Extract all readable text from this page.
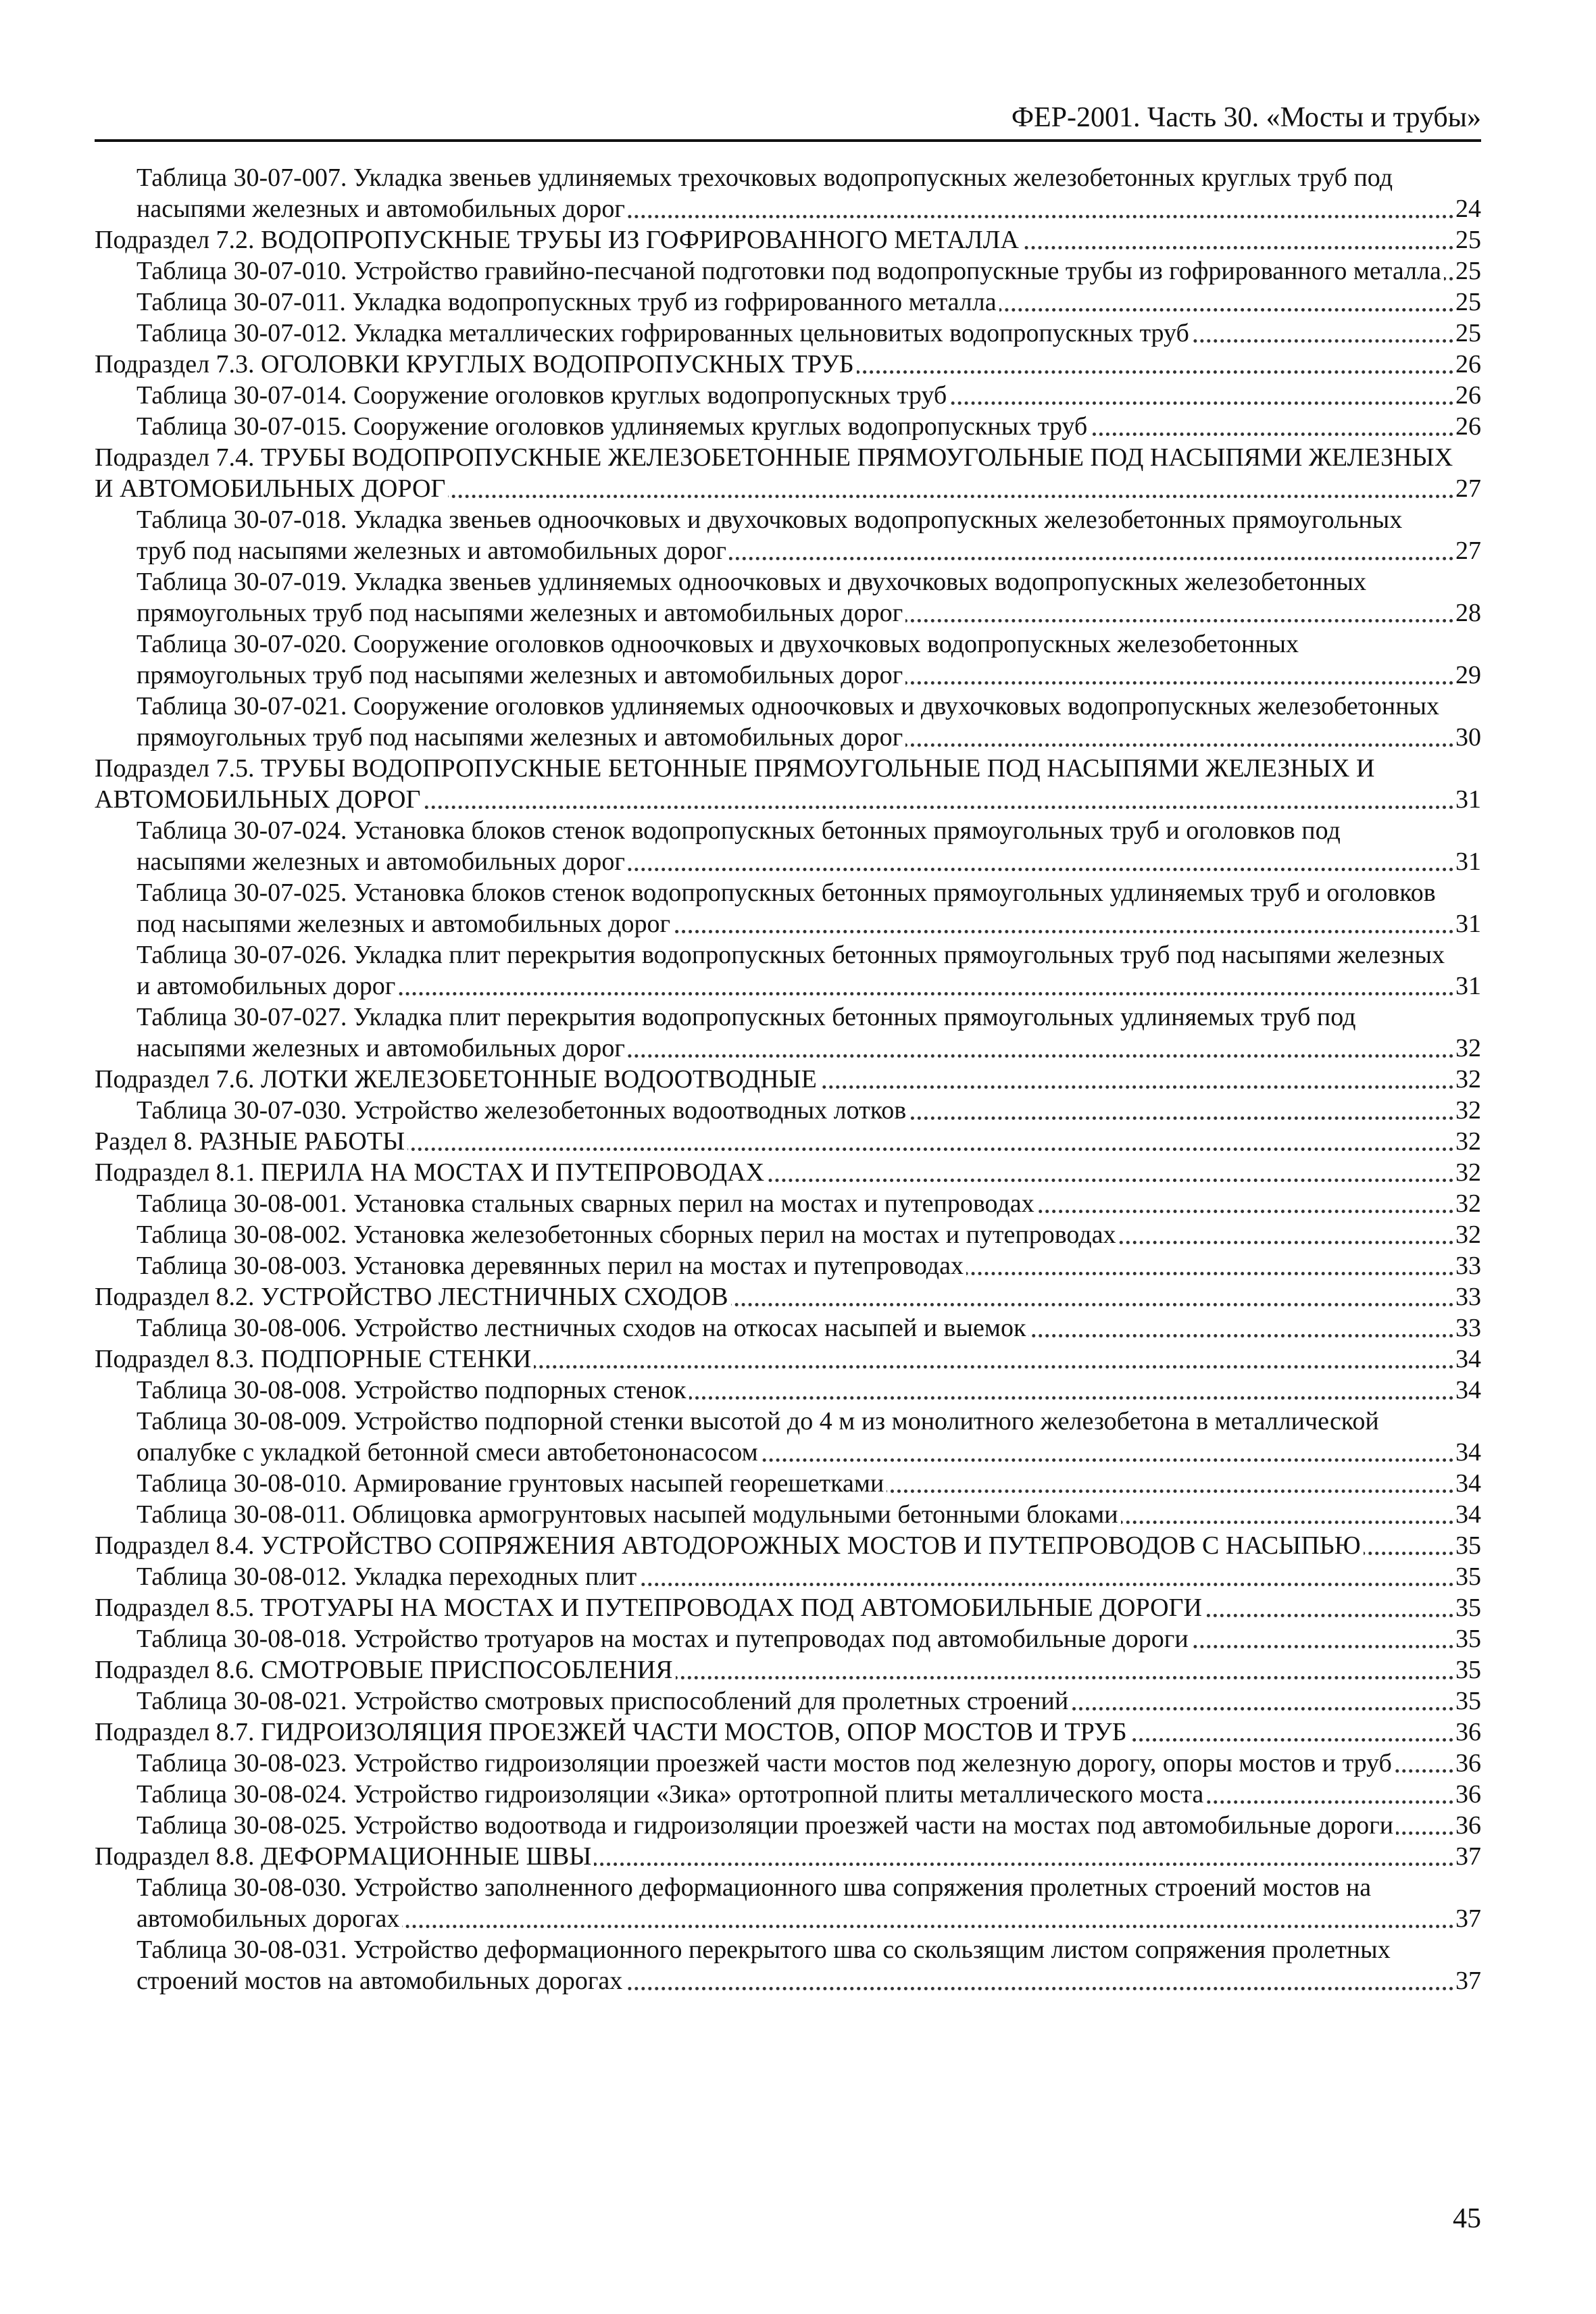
ФЕР-2001. Часть 30. «Мосты и трубы»
Таблица 30-07-007. Укладка звеньев удлиняемых трехочковых водопропускных железобетонных круглых труб под насыпями железных и автомобильных дорог	24
Подраздел 7.2. ВОДОПРОПУСКНЫЕ ТРУБЫ ИЗ ГОФРИРОВАННОГО МЕТАЛЛА	25
Таблица 30-07-010. Устройство гравийно-песчаной подготовки под водопропускные трубы из гофрированного металла 25
Таблица 30-07-011. Укладка водопропускных труб из гофрированного металла	25
Таблица 30-07-012. Укладка металлических гофрированных цельновитых водопропускных труб	25
Подраздел 7.3. ОГОЛОВКИ КРУГЛЫХ ВОДОПРОПУСКНЫХ ТРУБ	26
Таблица 30-07-014. Сооружение оголовков круглых водопропускных труб	26
Таблица 30-07-015. Сооружение оголовков удлиняемых круглых водопропускных труб	26
Подраздел 7.4. ТРУБЫ ВОДОПРОПУСКНЫЕ ЖЕЛЕЗОБЕТОННЫЕ ПРЯМОУГОЛЬНЫЕ ПОД НАСЫПЯМИ ЖЕЛЕЗНЫХ И АВТОМОБИЛЬНЫХ ДОРОГ	27
Таблица 30-07-018. Укладка звеньев одноочковых и двухочковых водопропускных железобетонных прямоугольных труб под насыпями железных и автомобильных дорог	27
Таблица 30-07-019. Укладка звеньев удлиняемых одноочковых и двухочковых водопропускных железобетонных прямоугольных труб под насыпями железных и автомобильных дорог	28
Таблица 30-07-020. Сооружение оголовков одноочковых и двухочковых водопропускных железобетонных прямоугольных труб под насыпями железных и автомобильных дорог	29
Таблица 30-07-021. Сооружение оголовков удлиняемых одноочковых и двухочковых водопропускных железобетонных прямоугольных труб под насыпями железных и автомобильных дорог	30
Подраздел 7.5. ТРУБЫ ВОДОПРОПУСКНЫЕ БЕТОННЫЕ ПРЯМОУГОЛЬНЫЕ ПОД НАСЫПЯМИ ЖЕЛЕЗНЫХ И АВТОМОБИЛЬНЫХ ДОРОГ	31
Таблица 30-07-024. Установка блоков стенок водопропускных бетонных прямоугольных труб и оголовков под насыпями железных и автомобильных дорог	31
Таблица 30-07-025. Установка блоков стенок водопропускных бетонных прямоугольных удлиняемых труб и оголовков под насыпями железных и автомобильных дорог	31
Таблица 30-07-026. Укладка плит перекрытия водопропускных бетонных прямоугольных труб под насыпями железных и автомобильных дорог	31
Таблица 30-07-027. Укладка плит перекрытия водопропускных бетонных прямоугольных удлиняемых труб под насыпями железных и автомобильных дорог	32
Подраздел 7.6. ЛОТКИ ЖЕЛЕЗОБЕТОННЫЕ ВОДООТВОДНЫЕ	32
Таблица 30-07-030. Устройство железобетонных водоотводных лотков	32
Раздел 8. РАЗНЫЕ РАБОТЫ	32
Подраздел 8.1. ПЕРИЛА НА МОСТАХ И ПУТЕПРОВОДАХ	32
Таблица 30-08-001. Установка стальных сварных перил на мостах и путепроводах	32
Таблица 30-08-002. Установка железобетонных сборных перил на мостах и путепроводах	32
Таблица 30-08-003. Установка деревянных перил на мостах и путепроводах	33
Подраздел 8.2. УСТРОЙСТВО ЛЕСТНИЧНЫХ СХОДОВ	33
Таблица 30-08-006. Устройство лестничных сходов на откосах насыпей и выемок	33
Подраздел 8.3. ПОДПОРНЫЕ СТЕНКИ	34
Таблица 30-08-008. Устройство подпорных стенок	34
Таблица 30-08-009. Устройство подпорной стенки высотой до 4 м из монолитного железобетона в металлической опалубке с укладкой бетонной смеси автобетононасосом	34
Таблица 30-08-010. Армирование грунтовых насыпей георешетками	34
Таблица 30-08-011. Облицовка армогрунтовых насыпей модульными бетонными блоками	34
Подраздел 8.4. УСТРОЙСТВО СОПРЯЖЕНИЯ АВТОДОРОЖНЫХ МОСТОВ И ПУТЕПРОВОДОВ С НАСЫПЬЮ	35
Таблица 30-08-012. Укладка переходных плит	35
Подраздел 8.5. ТРОТУАРЫ НА МОСТАХ И ПУТЕПРОВОДАХ ПОД АВТОМОБИЛЬНЫЕ ДОРОГИ	35
Таблица 30-08-018. Устройство тротуаров на мостах и путепроводах под автомобильные дороги	35
Подраздел 8.6. СМОТРОВЫЕ ПРИСПОСОБЛЕНИЯ	35
Таблица 30-08-021. Устройство смотровых приспособлений для пролетных строений	35
Подраздел 8.7. ГИДРОИЗОЛЯЦИЯ ПРОЕЗЖЕЙ ЧАСТИ МОСТОВ, ОПОР МОСТОВ И ТРУБ	36
Таблица 30-08-023. Устройство гидроизоляции проезжей части мостов под железную дорогу, опоры мостов и труб	36
Таблица 30-08-024. Устройство гидроизоляции «Зика» ортотропной плиты металлического моста	36
Таблица 30-08-025. Устройство водоотвода и гидроизоляции проезжей части на мостах под автомобильные дороги	36
Подраздел 8.8. ДЕФОРМАЦИОННЫЕ ШВЫ	37
Таблица 30-08-030. Устройство заполненного деформационного шва сопряжения пролетных строений мостов на автомобильных дорогах	37
Таблица 30-08-031. Устройство деформационного перекрытого шва со скользящим листом сопряжения пролетных строений мостов на автомобильных дорогах	37
45
